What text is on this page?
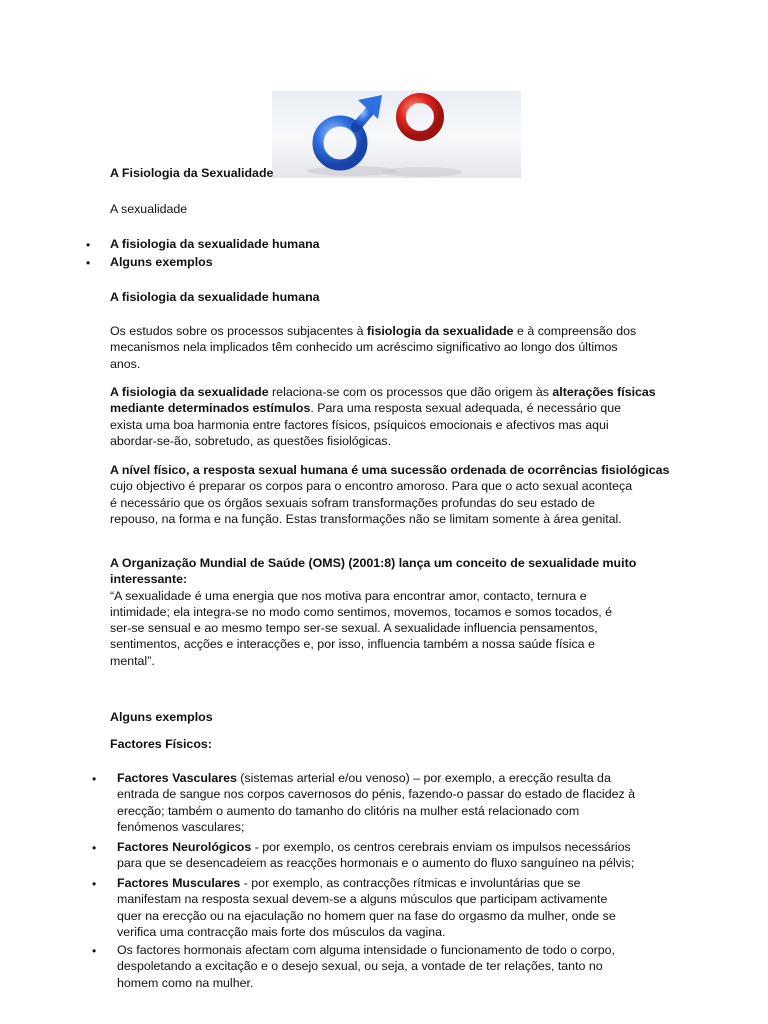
A Fisiologia da Sexualidade
A sexualidade
• A fisiologia da sexualidade humana
• Alguns exemplos
A fisiologia da sexualidade humana
Os estudos sobre os processos subjacentes à fisiologia da sexualidade e à compreensão dos
mecanismos nela implicados têm conhecido um acréscimo significativo ao longo dos últimos
anos.
A fisiologia da sexualidade relaciona-se com os processos que dão origem às alterações físicas
mediante determinados estímulos. Para uma resposta sexual adequada, é necessário que
exista uma boa harmonia entre factores físicos, psíquicos emocionais e afectivos mas aqui
abordar-se-ão, sobretudo, as questões fisiológicas.
A nível físico, a resposta sexual humana é uma sucessão ordenada de ocorrências fisiológicas
cujo objectivo é preparar os corpos para o encontro amoroso. Para que o acto sexual aconteça
é necessário que os órgãos sexuais sofram transformações profundas do seu estado de
repouso, na forma e na função. Estas transformações não se limitam somente à área genital.
A Organização Mundial de Saúde (OMS) (2001:8) lança um conceito de sexualidade muito
interessante:
“A sexualidade é uma energia que nos motiva para encontrar amor, contacto, ternura e
intimidade; ela integra-se no modo como sentimos, movemos, tocamos e somos tocados, é
ser-se sensual e ao mesmo tempo ser-se sexual. A sexualidade influencia pensamentos,
sentimentos, acções e interacções e, por isso, influencia também a nossa saúde física e
mental”.
Alguns exemplos
Factores Físicos:
• Factores Vasculares (sistemas arterial e/ou venoso) – por exemplo, a erecção resulta da
entrada de sangue nos corpos cavernosos do pénis, fazendo-o passar do estado de flacidez à
erecção; também o aumento do tamanho do clitóris na mulher está relacionado com
fenómenos vasculares;
• Factores Neurológicos - por exemplo, os centros cerebrais enviam os impulsos necessários
para que se desencadeiem as reacções hormonais e o aumento do fluxo sanguíneo na pélvis;
• Factores Musculares - por exemplo, as contracções rítmicas e involuntárias que se
manifestam na resposta sexual devem-se a alguns músculos que participam activamente
quer na erecção ou na ejaculação no homem quer na fase do orgasmo da mulher, onde se
verifica uma contracção mais forte dos músculos da vagina.
• Os factores hormonais afectam com alguma intensidade o funcionamento de todo o corpo,
despoletando a excitação e o desejo sexual, ou seja, a vontade de ter relações, tanto no
homem como na mulher.
